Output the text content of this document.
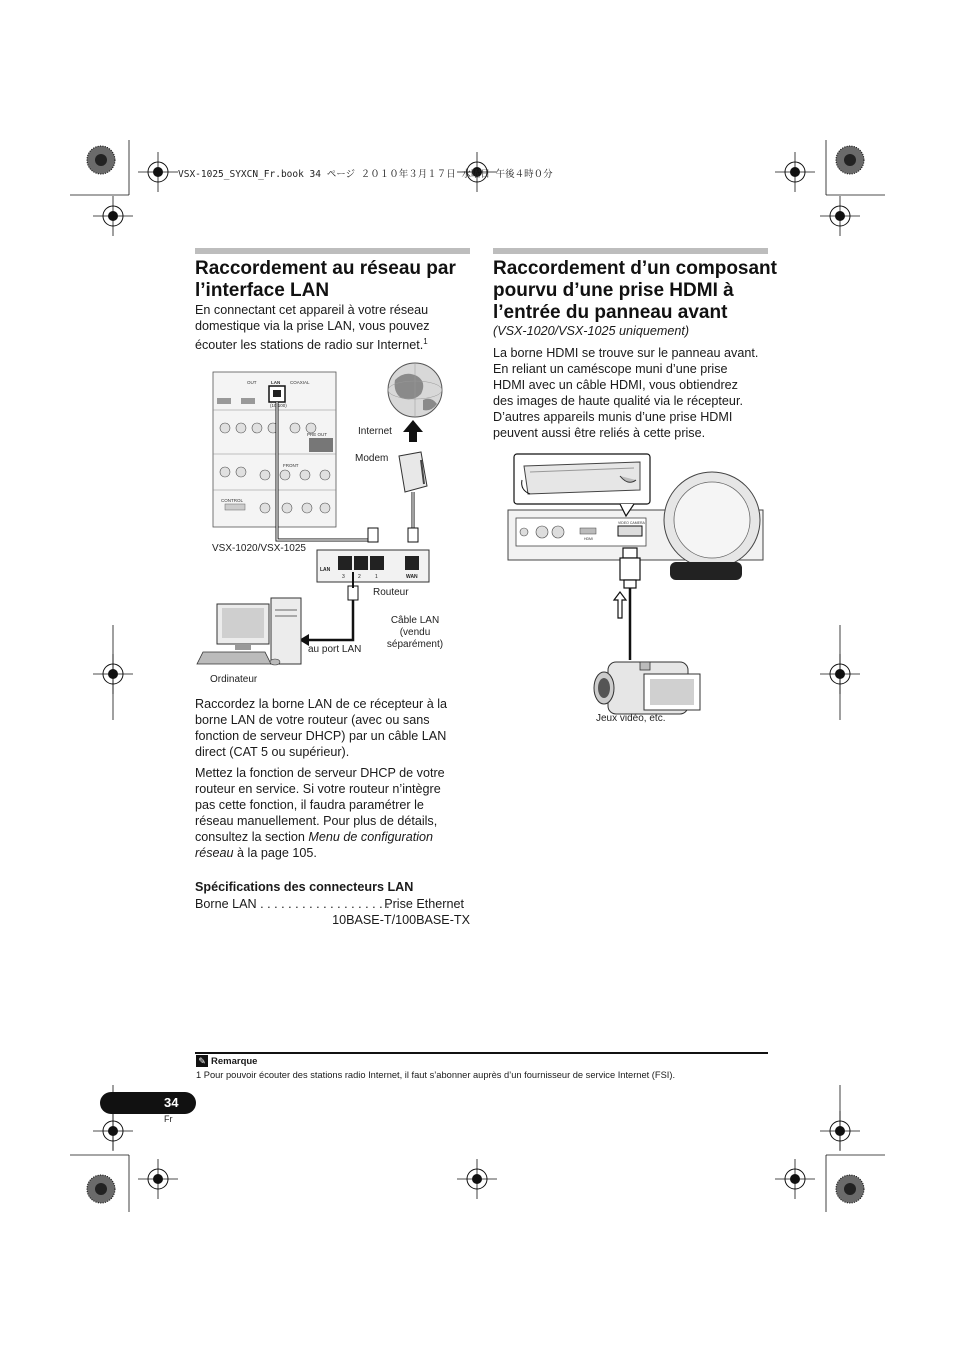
VSX-1025_SYXCN_Fr.book 34 ページ ２０１０年３月１７日 水曜日 午後４時０分
Raccordement au réseau par
l’interface LAN

En connectant cet appareil à votre réseau
domestique via la prise LAN, vous pouvez
écouter les stations de radio sur Internet.$^1$

OUT	LAN
(10/100)
COAXIAL
PRE OUT
CONTROL
FRONT
Internet
Modem
VSX-1020/VSX-1025
LAN
3	2	1	WAN
Routeur
Câble LAN
(vendu
séparément)
au port LAN
Ordinateur

Raccordez la borne LAN de ce récepteur à la
borne LAN de votre routeur (avec ou sans
fonction de serveur DHCP) par un câble LAN
direct (CAT 5 ou supérieur).

Mettez la fonction de serveur DHCP de votre
routeur en service. Si votre routeur n’intègre
pas cette fonction, il faudra paramétrer le
réseau manuellement. Pour plus de détails,
consultez la section Menu de configuration
réseau à la page 105.

Spécifications des connecteurs LAN
Borne LAN . . . . . . . . . . . . . . . . . . .
Prise Ethernet
10BASE-T/100BASE-TX
Raccordement d’un composant
pourvu d’une prise HDMI à
l’entrée du panneau avant
(VSX-1020/VSX-1025 uniquement)

La borne HDMI se trouve sur le panneau avant.
En reliant un caméscope muni d’une prise
HDMI avec un câble HDMI, vous obtiendrez
des images de haute qualité via le récepteur.
D’autres appareils munis d’une prise HDMI
peuvent aussi être reliés à cette prise.

VIDEO CAMERA
HDMI
Jeux vidéo, etc.
✎ Remarque
1 Pour pouvoir écouter des stations radio Internet, il faut s’abonner auprès d’un fournisseur de service Internet (FSI).
34
Fr
